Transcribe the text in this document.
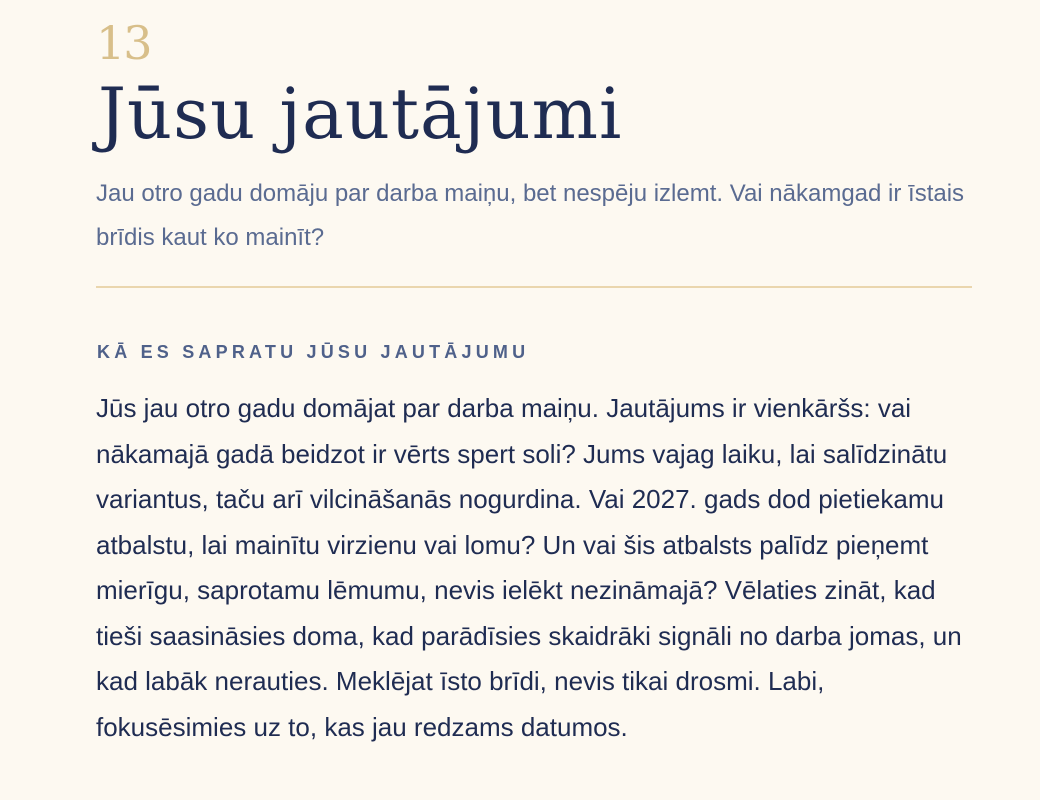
13
Jūsu jautājumi

Jau otro gadu domāju par darba maiņu, bet nespēju izlemt. Vai nākamgad ir īstais brīdis kaut ko mainīt?

KĀ ES SAPRATU JŪSU JAUTĀJUMU

Jūs jau otro gadu domājat par darba maiņu. Jautājums ir vienkāršs: vai nākamajā gadā beidzot ir vērts spert soli? Jums vajag laiku, lai salīdzinātu variantus, taču arī vilcināšanās nogurdina. Vai 2027. gads dod pietiekamu atbalstu, lai mainītu virzienu vai lomu? Un vai šis atbalsts palīdz pieņemt mierīgu, saprotamu lēmumu, nevis ielēkt nezināmajā? Vēlaties zināt, kad tieši saasināsies doma, kad parādīsies skaidrāki signāli no darba jomas, un kad labāk nerauties. Meklējat īsto brīdi, nevis tikai drosmi. Labi, fokusēsimies uz to, kas jau redzams datumos.
